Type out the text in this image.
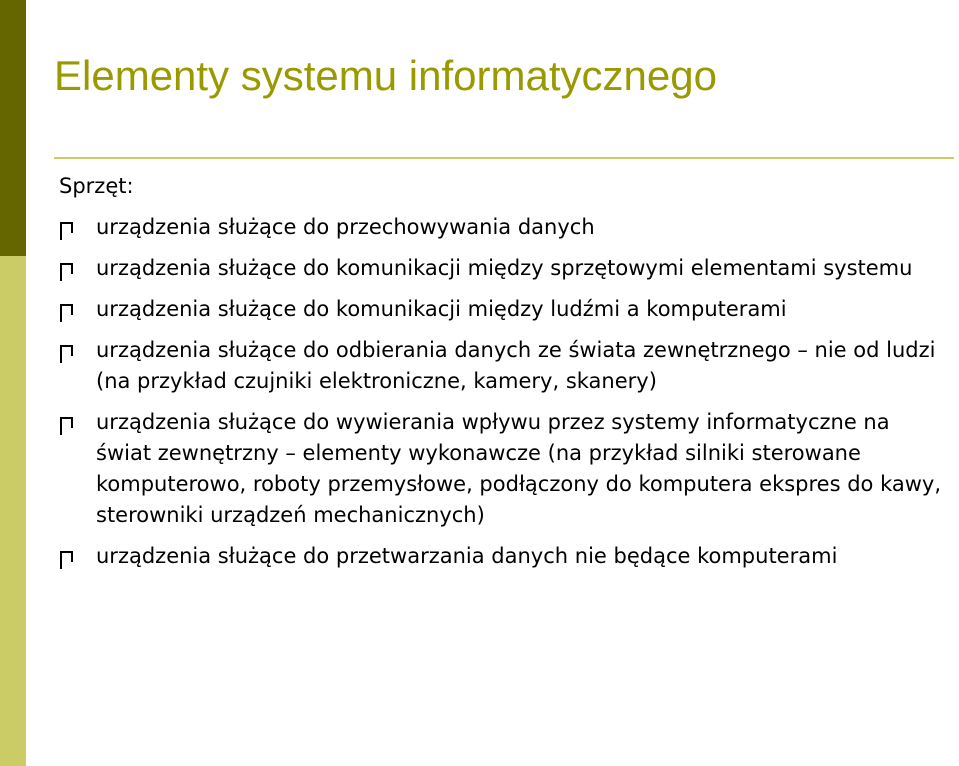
Elementy systemu informatycznego

Sprzęt:

urządzenia służące do przechowywania danych
urządzenia służące do komunikacji między sprzętowymi elementami systemu
urządzenia służące do komunikacji między ludźmi a komputerami
urządzenia służące do odbierania danych ze świata zewnętrznego – nie od ludzi (na przykład czujniki elektroniczne, kamery, skanery)
urządzenia służące do wywierania wpływu przez systemy informatyczne na świat zewnętrzny – elementy wykonawcze (na przykład silniki sterowane komputerowo, roboty przemysłowe, podłączony do komputera ekspres do kawy, sterowniki urządzeń mechanicznych)
urządzenia służące do przetwarzania danych nie będące komputerami
